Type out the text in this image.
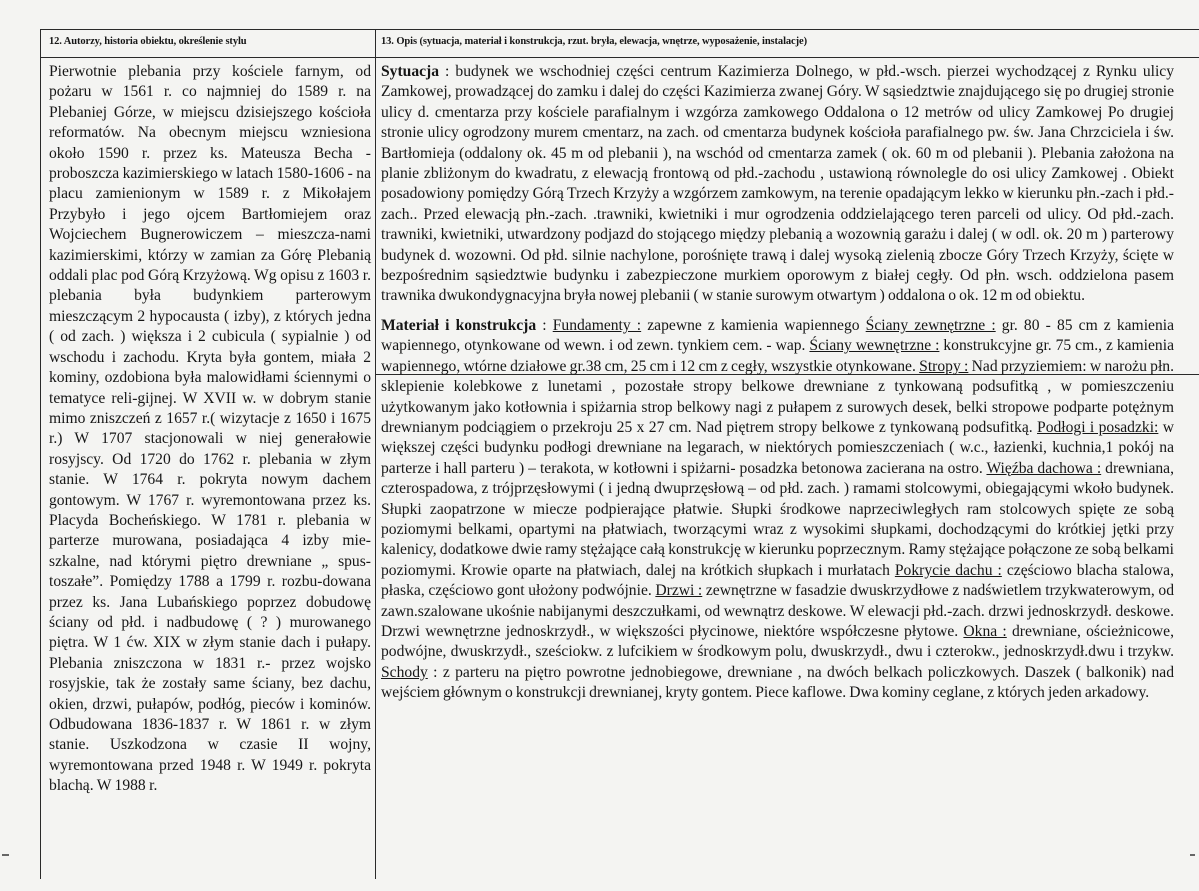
12. Autorzy, historia obiektu, określenie stylu	13. Opis (sytuacja, materiał i konstrukcja, rzut. bryła, elewacja, wnętrze, wyposażenie, instalacje)

Pierwotnie plebania przy kościele farnym, od pożaru w 1561 r. co najmniej do 1589 r. na Plebaniej Górze, w miejscu dzisiejszego kościoła reformatów. Na obecnym miejscu wzniesiona około 1590 r. przez ks. Mateusza Becha - proboszcza kazimierskiego w latach 1580-1606 - na placu zamienionym w 1589 r. z Mikołajem Przybyło i jego ojcem Bartłomiejem oraz Wojciechem Bugnerowiczem – mieszcza-nami kazimierskimi, którzy w zamian za Górę Plebanią oddali plac pod Górą Krzyżową. Wg opisu z 1603 r. plebania była budynkiem parterowym mieszczącym 2 hypocausta ( izby), z których jedna ( od zach. ) większa i 2 cubicula ( sypialnie ) od wschodu i zachodu. Kryta była gontem, miała 2 kominy, ozdobiona była malowidłami ściennymi o tematyce reli-gijnej. W XVII w. w dobrym stanie mimo zniszczeń z 1657 r.( wizytacje z 1650 i 1675 r.) W 1707 stacjonowali w niej generałowie rosyjscy. Od 1720 do 1762 r. plebania w złym stanie. W 1764 r. pokryta nowym dachem gontowym. W 1767 r. wyremontowana przez ks. Placyda Bocheńskiego. W 1781 r. plebania w parterze murowana, posiadająca 4 izby mie-szkalne, nad którymi piętro drewniane „ spus-toszałe”. Pomiędzy 1788 a 1799 r. rozbu-dowana przez ks. Jana Lubańskiego poprzez dobudowę ściany od płd. i nadbudowę ( ? ) murowanego piętra. W 1 ćw. XIX w złym stanie dach i pułapy. Plebania zniszczona w 1831 r.- przez wojsko rosyjskie, tak że zostały same ściany, bez dachu, okien, drzwi, pułapów, podłóg, pieców i kominów. Odbudowana 1836-1837 r. W 1861 r. w złym stanie. Uszkodzona w czasie II wojny, wyremontowana przed 1948 r. W 1949 r. pokryta blachą. W 1988 r.

Sytuacja : budynek we wschodniej części centrum Kazimierza Dolnego, w płd.-wsch. pierzei wychodzącej z Rynku ulicy Zamkowej, prowadzącej do zamku i dalej do części Kazimierza zwanej Góry. W sąsiedztwie znajdującego się po drugiej stronie ulicy d. cmentarza przy kościele parafialnym i wzgórza zamkowego Oddalona o 12 metrów od ulicy Zamkowej Po drugiej stronie ulicy ogrodzony murem cmentarz, na zach. od cmentarza budynek kościoła parafialnego pw. św. Jana Chrzciciela i św. Bartłomieja (oddalony ok. 45 m od plebanii ), na wschód od cmentarza zamek ( ok. 60 m od plebanii ). Plebania założona na planie zbliżonym do kwadratu, z elewacją frontową od płd.-zachodu , ustawioną równolegle do osi ulicy Zamkowej . Obiekt posadowiony pomiędzy Górą Trzech Krzyży a wzgórzem zamkowym, na terenie opadającym lekko w kierunku płn.-zach i płd.-zach.. Przed elewacją płn.-zach. .trawniki, kwietniki i mur ogrodzenia oddzielającego teren parceli od ulicy. Od płd.-zach. trawniki, kwietniki, utwardzony podjazd do stojącego między plebanią a wozownią garażu i dalej ( w odl. ok. 20 m ) parterowy budynek d. wozowni. Od płd. silnie nachylone, porośnięte trawą i dalej wysoką zielenią zbocze Góry Trzech Krzyży, ścięte w bezpośrednim sąsiedztwie budynku i zabezpieczone murkiem oporowym z białej cegły. Od płn. wsch. oddzielona pasem trawnika dwukondygnacyjna bryła nowej plebanii ( w stanie surowym otwartym ) oddalona o ok. 12 m od obiektu.

Materiał i konstrukcja : Fundamenty : zapewne z kamienia wapiennego Ściany zewnętrzne : gr. 80 - 85 cm z kamienia wapiennego, otynkowane od wewn. i od zewn. tynkiem cem. - wap. Ściany wewnętrzne : konstrukcyjne gr. 75 cm., z kamienia wapiennego, wtórne działowe gr.38 cm, 25 cm i 12 cm z cegły, wszystkie otynkowane. Stropy : Nad przyziemiem: w narożu płn. sklepienie kolebkowe z lunetami , pozostałe stropy belkowe drewniane z tynkowaną podsufitką , w pomieszczeniu użytkowanym jako kotłownia i spiżarnia strop belkowy nagi z pułapem z surowych desek, belki stropowe podparte potężnym drewnianym podciągiem o przekroju 25 x 27 cm. Nad piętrem stropy belkowe z tynkowaną podsufitką. Podłogi i posadzki: w większej części budynku podłogi drewniane na legarach, w niektórych pomieszczeniach ( w.c., łazienki, kuchnia,1 pokój na parterze i hall parteru ) – terakota, w kotłowni i spiżarni- posadzka betonowa zacierana na ostro. Więźba dachowa : drewniana, czterospadowa, z trójprzęsłowymi ( i jedną dwuprzęsłową – od płd. zach. ) ramami stolcowymi, obiegającymi wkoło budynek. Słupki zaopatrzone w miecze podpierające płatwie. Słupki środkowe naprzeciwległych ram stolcowych spięte ze sobą poziomymi belkami, opartymi na płatwiach, tworzącymi wraz z wysokimi słupkami, dochodzącymi do krótkiej jętki przy kalenicy, dodatkowe dwie ramy stężające całą konstrukcję w kierunku poprzecznym. Ramy stężające połączone ze sobą belkami poziomymi. Krowie oparte na płatwiach, dalej na krótkich słupkach i murłatach Pokrycie dachu : częściowo blacha stalowa, płaska, częściowo gont ułożony podwójnie. Drzwi : zewnętrzne w fasadzie dwuskrzydłowe z nadświetlem trzykwaterowym, od zawn.szalowane ukośnie nabijanymi deszczułkami, od wewnątrz deskowe. W elewacji płd.-zach. drzwi jednoskrzydł. deskowe. Drzwi wewnętrzne jednoskrzydł., w większości płycinowe, niektóre współczesne płytowe. Okna : drewniane, ościeżnicowe, podwójne, dwuskrzydł., sześciokw. z lufcikiem w środkowym polu, dwuskrzydł., dwu i czterokw., jednoskrzydł.dwu i trzykw. Schody : z parteru na piętro powrotne jednobiegowe, drewniane , na dwóch belkach policzkowych. Daszek ( balkonik) nad wejściem głównym o konstrukcji drewnianej, kryty gontem. Piece kaflowe. Dwa kominy ceglane, z których jeden arkadowy.
